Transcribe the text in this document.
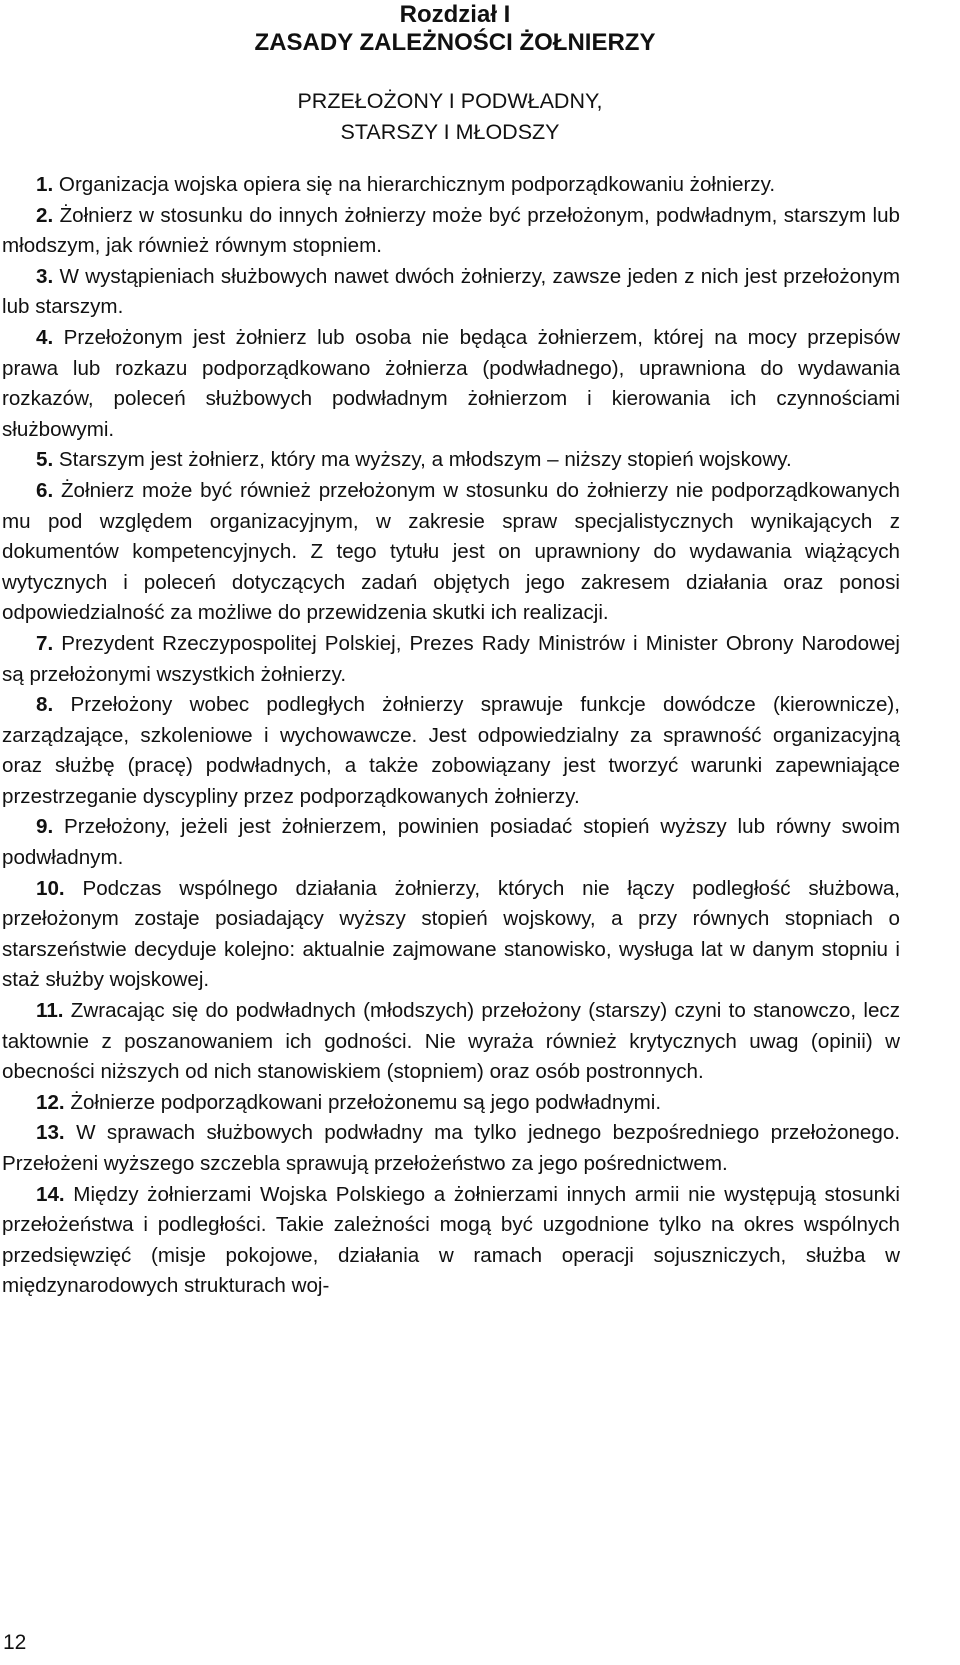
Rozdział I
ZASADY ZALEŻNOŚCI ŻOŁNIERZY
PRZEŁOŻONY I PODWŁADNY,
STARSZY I MŁODSZY

1. Organizacja wojska opiera się na hierarchicznym podporządkowaniu żołnierzy.

2. Żołnierz w stosunku do innych żołnierzy może być przełożonym, podwładnym, starszym lub młodszym, jak również równym stopniem.

3. W wystąpieniach służbowych nawet dwóch żołnierzy, zawsze jeden z nich jest przełożonym lub starszym.

4. Przełożonym jest żołnierz lub osoba nie będąca żołnierzem, której na mocy przepisów prawa lub rozkazu podporządkowano żołnierza (podwładnego), uprawniona do wydawania rozkazów, poleceń służbowych podwładnym żołnierzom i kierowania ich czynnościami służbowymi.

5. Starszym jest żołnierz, który ma wyższy, a młodszym – niższy stopień wojskowy.

6. Żołnierz może być również przełożonym w stosunku do żołnierzy nie podporządkowanych mu pod względem organizacyjnym, w zakresie spraw specjalistycznych wynikających z dokumentów kompetencyjnych. Z tego tytułu jest on uprawniony do wydawania wiążących wytycznych i poleceń dotyczących zadań objętych jego zakresem działania oraz ponosi odpowiedzialność za możliwe do przewidzenia skutki ich realizacji.

7. Prezydent Rzeczypospolitej Polskiej, Prezes Rady Ministrów i Minister Obrony Narodowej są przełożonymi wszystkich żołnierzy.

8. Przełożony wobec podległych żołnierzy sprawuje funkcje dowódcze (kierownicze), zarządzające, szkoleniowe i wychowawcze. Jest odpowiedzialny za sprawność organizacyjną oraz służbę (pracę) podwładnych, a także zobowiązany jest tworzyć warunki zapewniające przestrzeganie dyscypliny przez podporządkowanych żołnierzy.

9. Przełożony, jeżeli jest żołnierzem, powinien posiadać stopień wyższy lub równy swoim podwładnym.

10. Podczas wspólnego działania żołnierzy, których nie łączy podległość służbowa, przełożonym zostaje posiadający wyższy stopień wojskowy, a przy równych stopniach o starszeństwie decyduje kolejno: aktualnie zajmowane stanowisko, wysługa lat w danym stopniu i staż służby wojskowej.

11. Zwracając się do podwładnych (młodszych) przełożony (starszy) czyni to stanowczo, lecz taktownie z poszanowaniem ich godności. Nie wyraża również krytycznych uwag (opinii) w obecności niższych od nich stanowiskiem (stopniem) oraz osób postronnych.

12. Żołnierze podporządkowani przełożonemu są jego podwładnymi.

13. W sprawach służbowych podwładny ma tylko jednego bezpośredniego przełożonego. Przełożeni wyższego szczebla sprawują przełożeństwo za jego pośrednictwem.

14. Między żołnierzami Wojska Polskiego a żołnierzami innych armii nie występują stosunki przełożeństwa i podległości. Takie zależności mogą być uzgodnione tylko na okres wspólnych przedsięwzięć (misje pokojowe, działania w ramach operacji sojuszniczych, służba w międzynarodowych strukturach woj-

12
